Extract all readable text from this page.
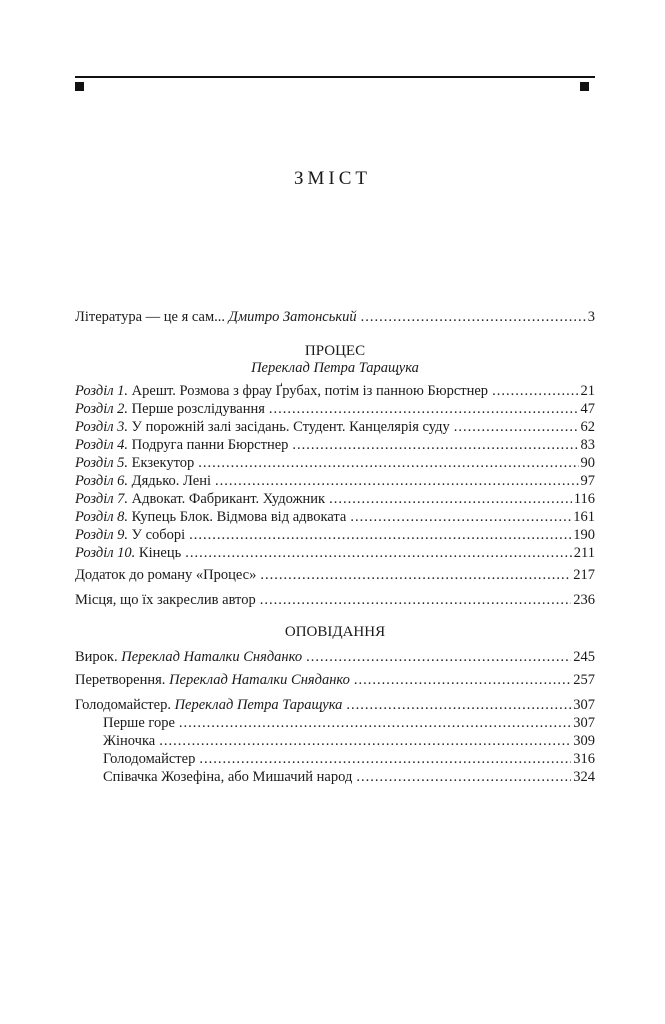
ЗМІСТ
Література — це я сам... Дмитро Затонський .....	3
ПРОЦЕС
Переклад Петра Таращука
Розділ 1. Арешт. Розмова з фрау Ґрубах, потім із панною Бюрстнер .....	21
Розділ 2. Перше розслідування .....	47
Розділ 3. У порожній залі засідань. Студент. Канцелярія суду .....	62
Розділ 4. Подруга панни Бюрстнер .....	83
Розділ 5. Екзекутор .....	90
Розділ 6. Дядько. Лені .....	97
Розділ 7. Адвокат. Фабрикант. Художник .....	116
Розділ 8. Купець Блок. Відмова від адвоката .....	161
Розділ 9. У соборі .....	190
Розділ 10. Кінець .....	211
Додаток до роману «Процес» .....	217
Місця, що їх закреслив автор .....	236
ОПОВІДАННЯ
Вирок. Переклад Наталки Сняданко .....	245
Перетворення. Переклад Наталки Сняданко .....	257
Голодомайстер. Переклад Петра Таращука .....	307
Перше горе .....	307
Жіночка .....	309
Голодомайстер .....	316
Співачка Жозефіна, або Мишачий народ .....	324
